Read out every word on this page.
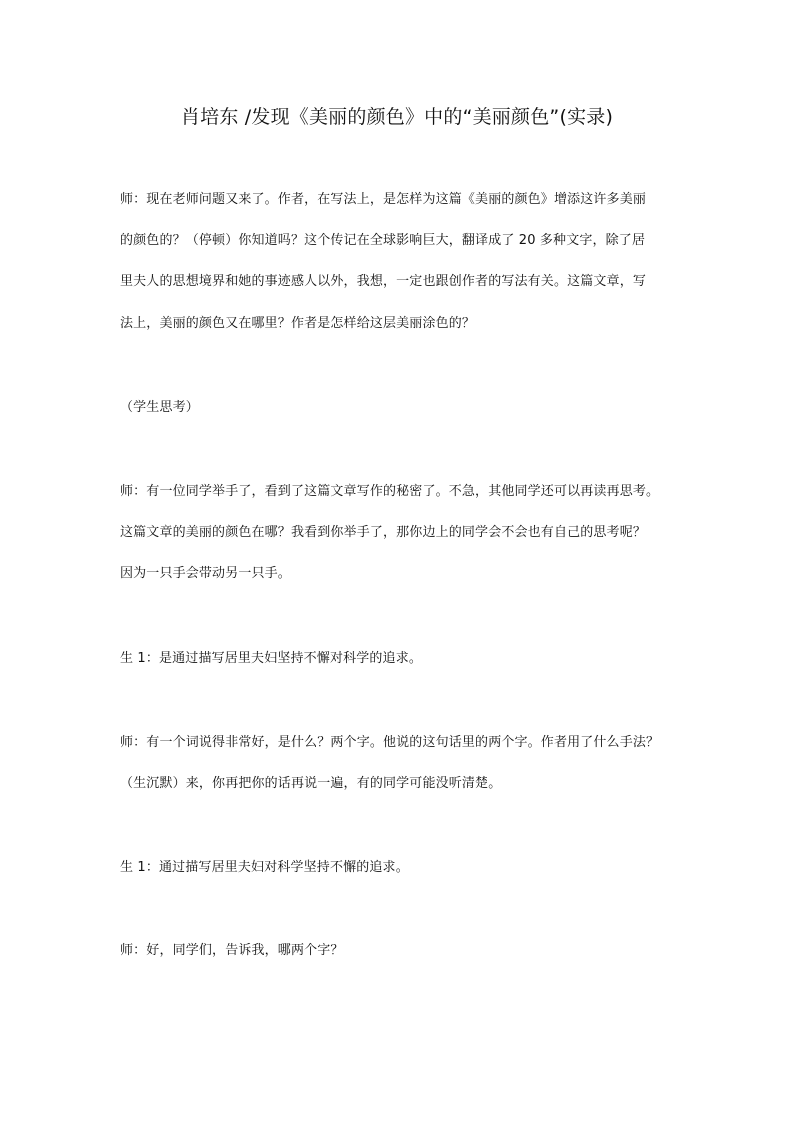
肖培东 /发现《美丽的颜色》中的“美丽颜色”(实录)
师：现在老师问题又来了。作者，在写法上，是怎样为这篇《美丽的颜色》增添这许多美丽
的颜色的？（停顿）你知道吗？这个传记在全球影响巨大，翻译成了 20 多种文字，除了居
里夫人的思想境界和她的事迹感人以外，我想，一定也跟创作者的写法有关。这篇文章，写
法上，美丽的颜色又在哪里？作者是怎样给这层美丽涂色的？
（学生思考）
师：有一位同学举手了，看到了这篇文章写作的秘密了。不急，其他同学还可以再读再思考。
这篇文章的美丽的颜色在哪？我看到你举手了，那你边上的同学会不会也有自己的思考呢？
因为一只手会带动另一只手。
生 1：是通过描写居里夫妇坚持不懈对科学的追求。
师：有一个词说得非常好，是什么？两个字。他说的这句话里的两个字。作者用了什么手法？
（生沉默）来，你再把你的话再说一遍，有的同学可能没听清楚。
生 1：通过描写居里夫妇对科学坚持不懈的追求。
师：好，同学们，告诉我，哪两个字？
